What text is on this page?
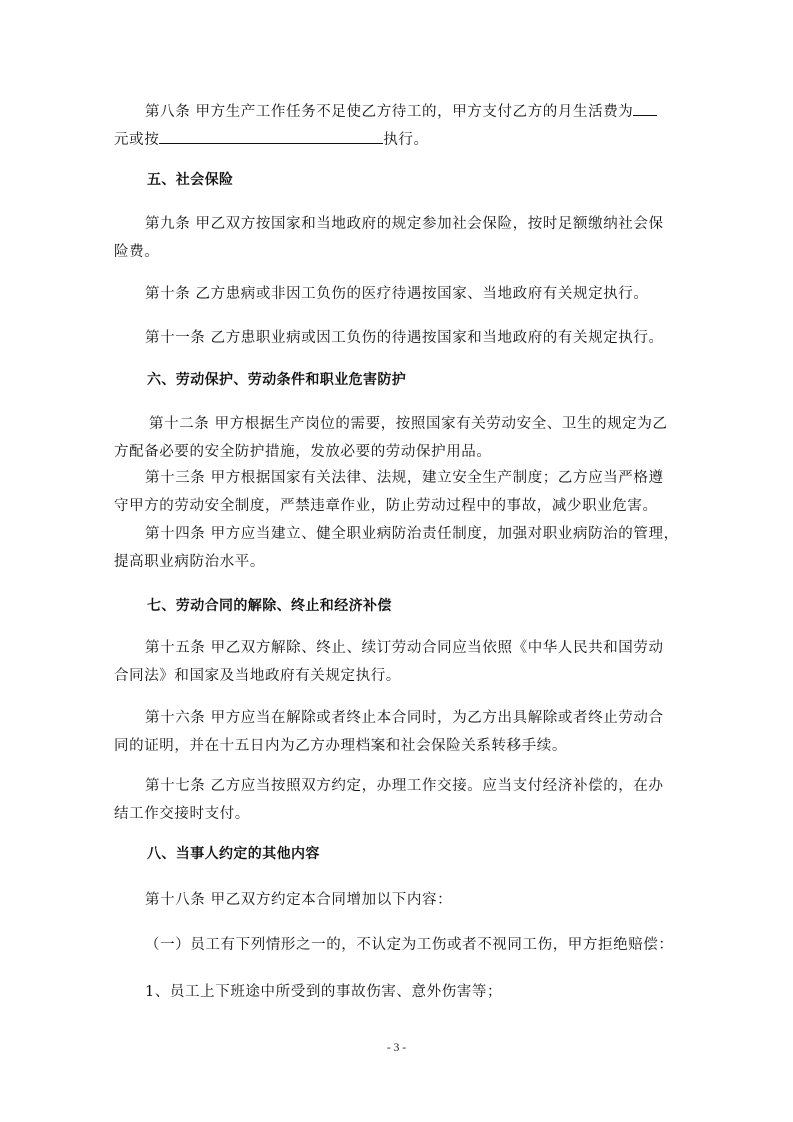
第八条 甲方生产工作任务不足使乙方待工的，甲方支付乙方的月生活费为
元或按	执行。
五、社会保险
第九条 甲乙双方按国家和当地政府的规定参加社会保险，按时足额缴纳社会保
险费。
第十条 乙方患病或非因工负伤的医疗待遇按国家、当地政府有关规定执行。
第十一条 乙方患职业病或因工负伤的待遇按国家和当地政府的有关规定执行。
六、劳动保护、劳动条件和职业危害防护
第十二条 甲方根据生产岗位的需要，按照国家有关劳动安全、卫生的规定为乙
方配备必要的安全防护措施，发放必要的劳动保护用品。
第十三条 甲方根据国家有关法律、法规，建立安全生产制度；乙方应当严格遵
守甲方的劳动安全制度，严禁违章作业，防止劳动过程中的事故，减少职业危害。
第十四条 甲方应当建立、健全职业病防治责任制度，加强对职业病防治的管理，
提高职业病防治水平。
七、劳动合同的解除、终止和经济补偿
第十五条 甲乙双方解除、终止、续订劳动合同应当依照《中华人民共和国劳动
合同法》和国家及当地政府有关规定执行。
第十六条 甲方应当在解除或者终止本合同时，为乙方出具解除或者终止劳动合
同的证明，并在十五日内为乙方办理档案和社会保险关系转移手续。
第十七条 乙方应当按照双方约定，办理工作交接。应当支付经济补偿的，在办
结工作交接时支付。
八、当事人约定的其他内容
第十八条 甲乙双方约定本合同增加以下内容：
（一）员工有下列情形之一的，不认定为工伤或者不视同工伤，甲方拒绝赔偿：
1、员工上下班途中所受到的事故伤害、意外伤害等；
- 3 -
